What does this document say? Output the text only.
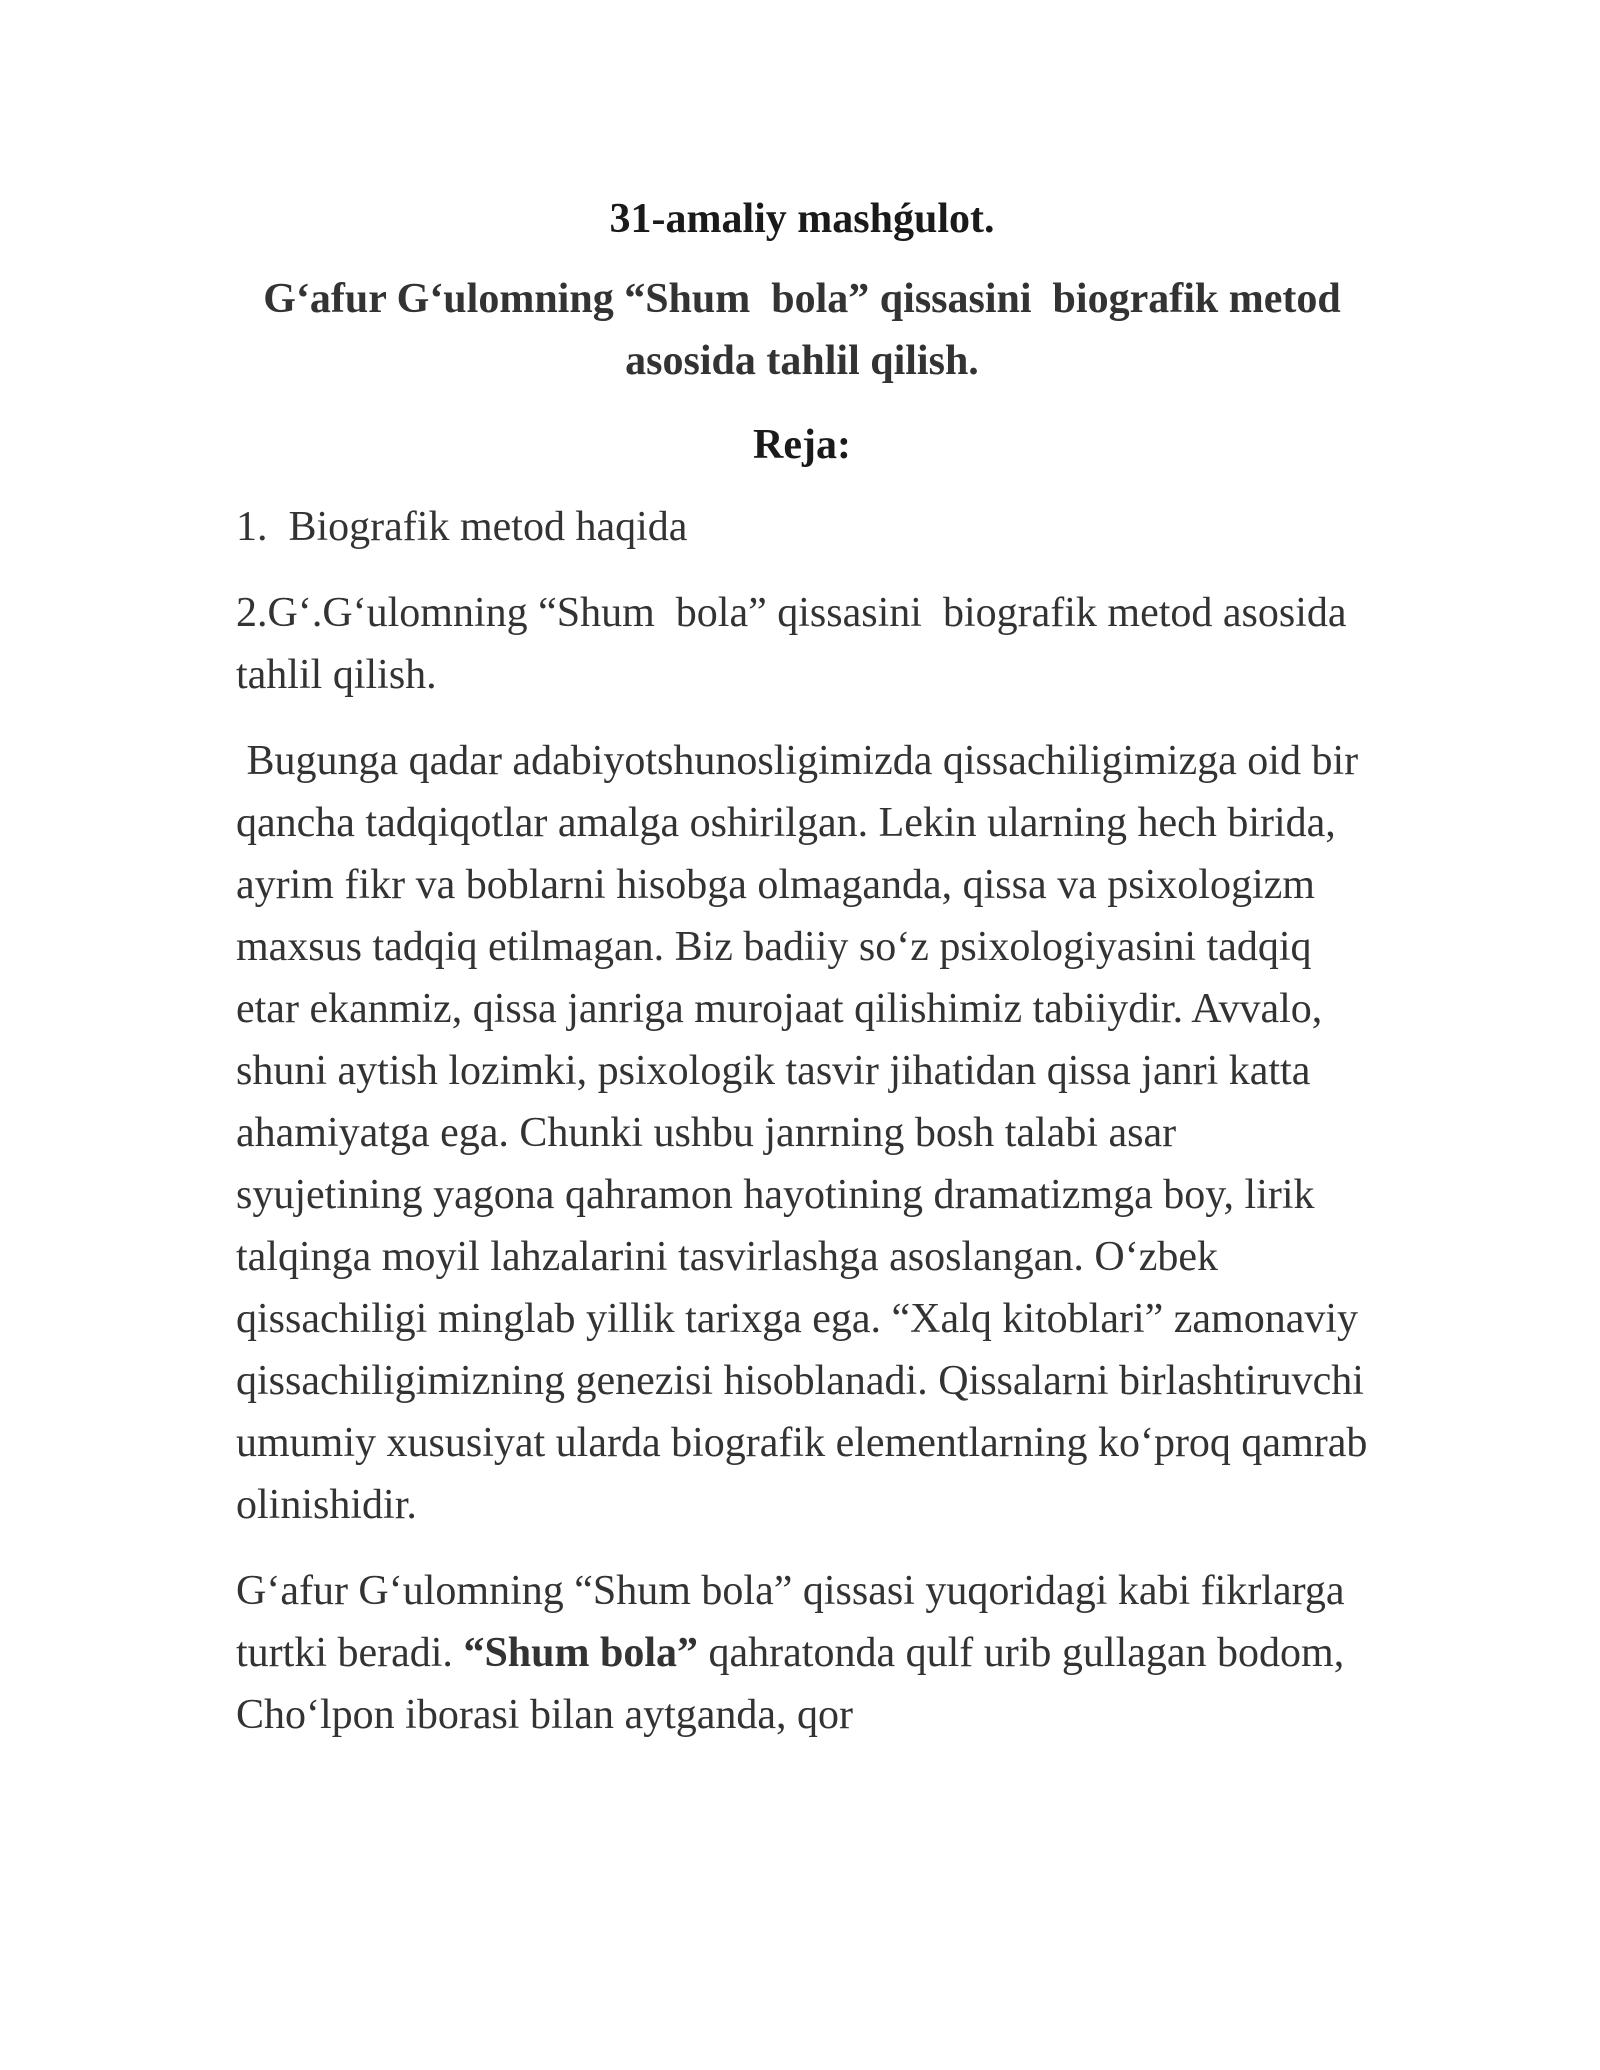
31-amaliy mashǵulot.
G‘afur G‘ulomning “Shum  bola” qissasini  biografik metod asosida tahlil qilish.
Reja:
1.  Biografik metod haqida
2.G‘.G‘ulomning “Shum  bola” qissasini  biografik metod asosida tahlil qilish.
Bugunga qadar adabiyotshunosligimizda qissachiligimizga oid bir qancha tadqiqotlar amalga oshirilgan. Lekin ularning hech birida, ayrim fikr va boblarni hisobga olmaganda, qissa va psixologizm maxsus tadqiq etilmagan. Biz badiiy so‘z psixologiyasini tadqiq etar ekanmiz, qissa janriga murojaat qilishimiz tabiiydir. Avvalo, shuni aytish lozimki, psixologik tasvir jihatidan qissa janri katta ahamiyatga ega. Chunki ushbu janrning bosh talabi asar syujetining yagona qahramon hayotining dramatizmga boy, lirik talqinga moyil lahzalarini tasvirlashga asoslangan. O‘zbek qissachiligi minglab yillik tarixga ega. “Xalq kitoblari” zamonaviy qissachiligimizning genezisi hisoblanadi. Qissalarni birlashtiruvchi umumiy xususiyat ularda biografik elementlarning ko‘proq qamrab olinishidir.
G‘afur G‘ulomning “Shum bola” qissasi yuqoridagi kabi fikrlarga turtki beradi. “Shum bola” qahratonda qulf urib gullagan bodom, Cho‘lpon iborasi bilan aytganda, qor
